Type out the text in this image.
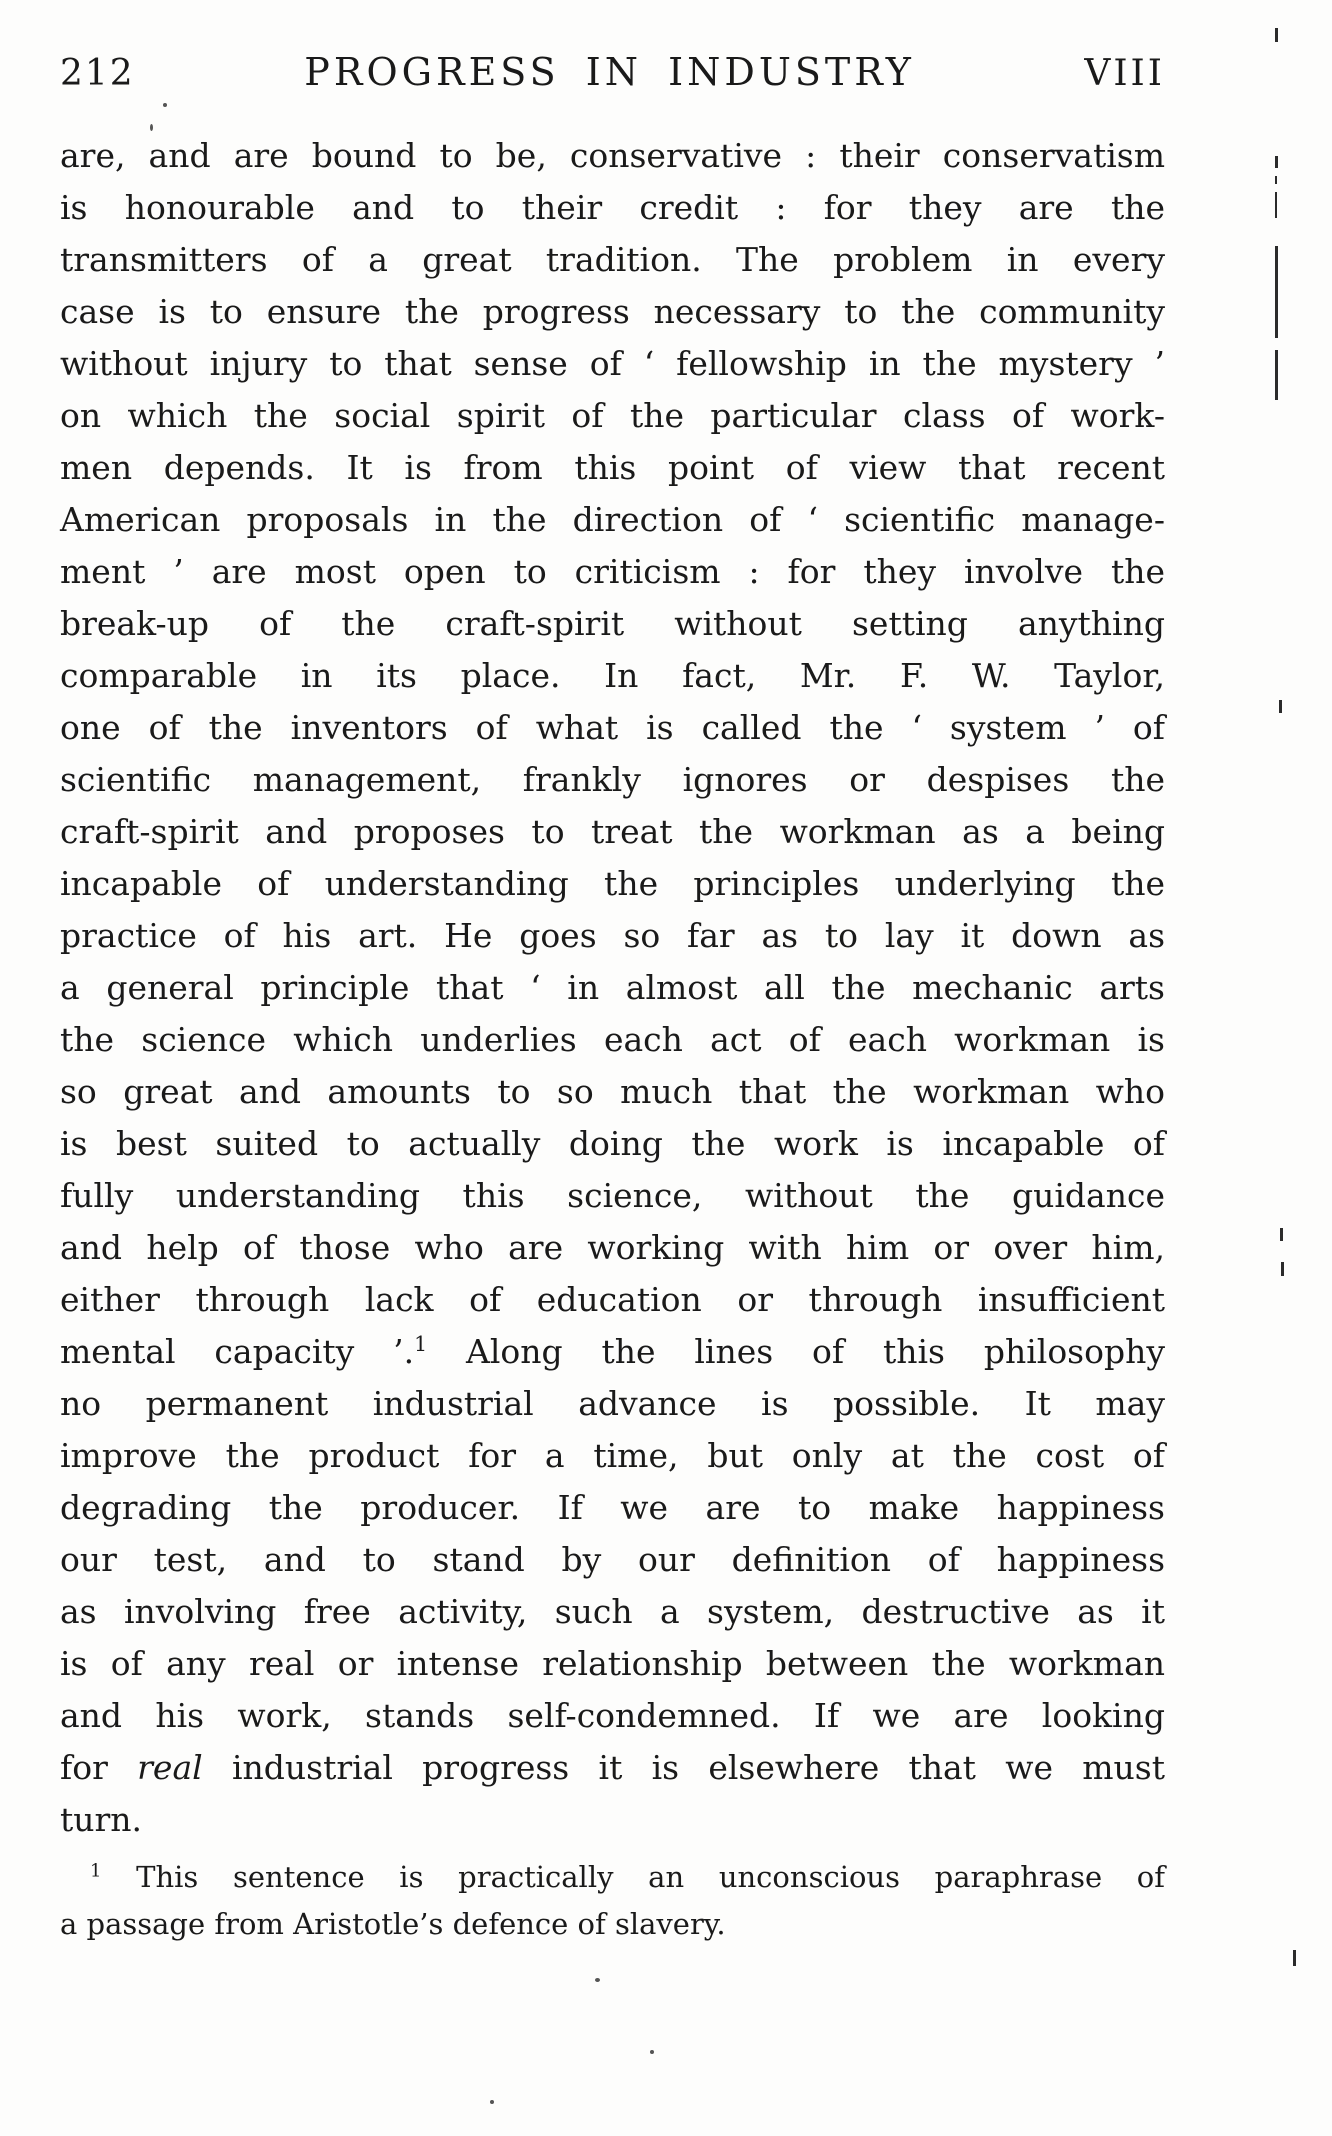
212	PROGRESS IN INDUSTRY	VIII
are, and are bound to be, conservative : their conservatism
is honourable and to their credit : for they are the
transmitters of a great tradition. The problem in every
case is to ensure the progress necessary to the community
without injury to that sense of ‘ fellowship in the mystery ’
on which the social spirit of the particular class of work-
men depends. It is from this point of view that recent
American proposals in the direction of ‘ scientific manage-
ment ’ are most open to criticism : for they involve the
break-up of the craft-spirit without setting anything
comparable in its place. In fact, Mr. F. W. Taylor,
one of the inventors of what is called the ‘ system ’ of
scientific management, frankly ignores or despises the
craft-spirit and proposes to treat the workman as a being
incapable of understanding the principles underlying the
practice of his art. He goes so far as to lay it down as
a general principle that ‘ in almost all the mechanic arts
the science which underlies each act of each workman is
so great and amounts to so much that the workman who
is best suited to actually doing the work is incapable of
fully understanding this science, without the guidance
and help of those who are working with him or over him,
either through lack of education or through insufficient
mental capacity ’.$^1$ Along the lines of this philosophy
no permanent industrial advance is possible. It may
improve the product for a time, but only at the cost of
degrading the producer. If we are to make happiness
our test, and to stand by our definition of happiness
as involving free activity, such a system, destructive as it
is of any real or intense relationship between the workman
and his work, stands self-condemned. If we are looking
for real industrial progress it is elsewhere that we must
turn.
$^1$ This sentence is practically an unconscious paraphrase of
a passage from Aristotle’s defence of slavery.
